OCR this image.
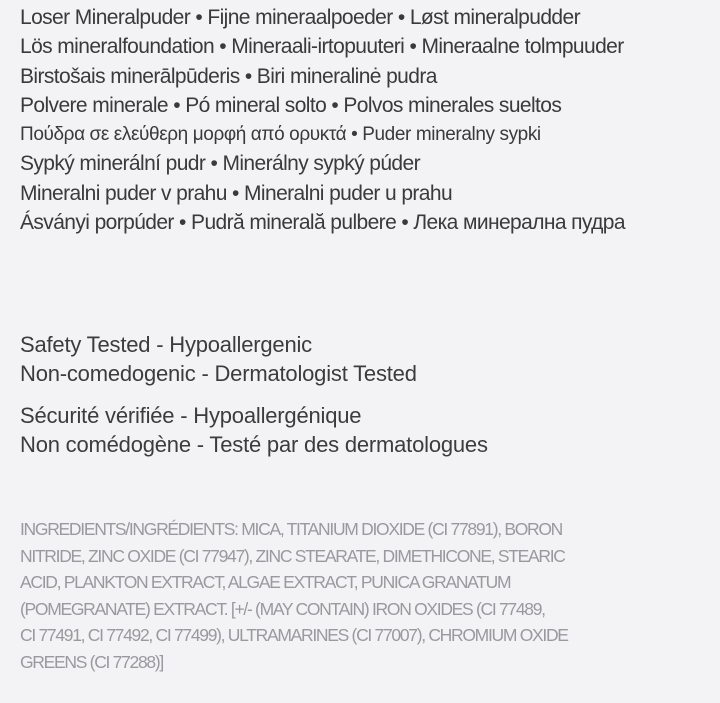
Loser Mineralpuder • Fijne mineraalpoeder • Løst mineralpudder
Lös mineralfoundation • Mineraali-irtopuuteri • Mineraalne tolmpuuder
Birstošais minerālpūderis • Biri mineralinė pudra
Polvere minerale • Pó mineral solto • Polvos minerales sueltos
Πούδρα σε ελεύθερη μορφή από ορυκτά • Puder mineralny sypki
Sypký minerální pudr • Minerálny sypký púder
Mineralni puder v prahu • Mineralni puder u prahu
Ásványi porpúder • Pudră minerală pulbere • Лека минерална пудра
Safety Tested - Hypoallergenic
Non-comedogenic - Dermatologist Tested
Sécurité vérifiée - Hypoallergénique
Non comédogène - Testé par des dermatologues
INGREDIENTS/INGRÉDIENTS: MICA, TITANIUM DIOXIDE (CI 77891), BORON
NITRIDE, ZINC OXIDE (CI 77947), ZINC STEARATE, DIMETHICONE, STEARIC
ACID, PLANKTON EXTRACT, ALGAE EXTRACT, PUNICA GRANATUM
(POMEGRANATE) EXTRACT. [+/- (MAY CONTAIN) IRON OXIDES (CI 77489,
CI 77491, CI 77492, CI 77499), ULTRAMARINES (CI 77007), CHROMIUM OXIDE
GREENS (CI 77288)]
